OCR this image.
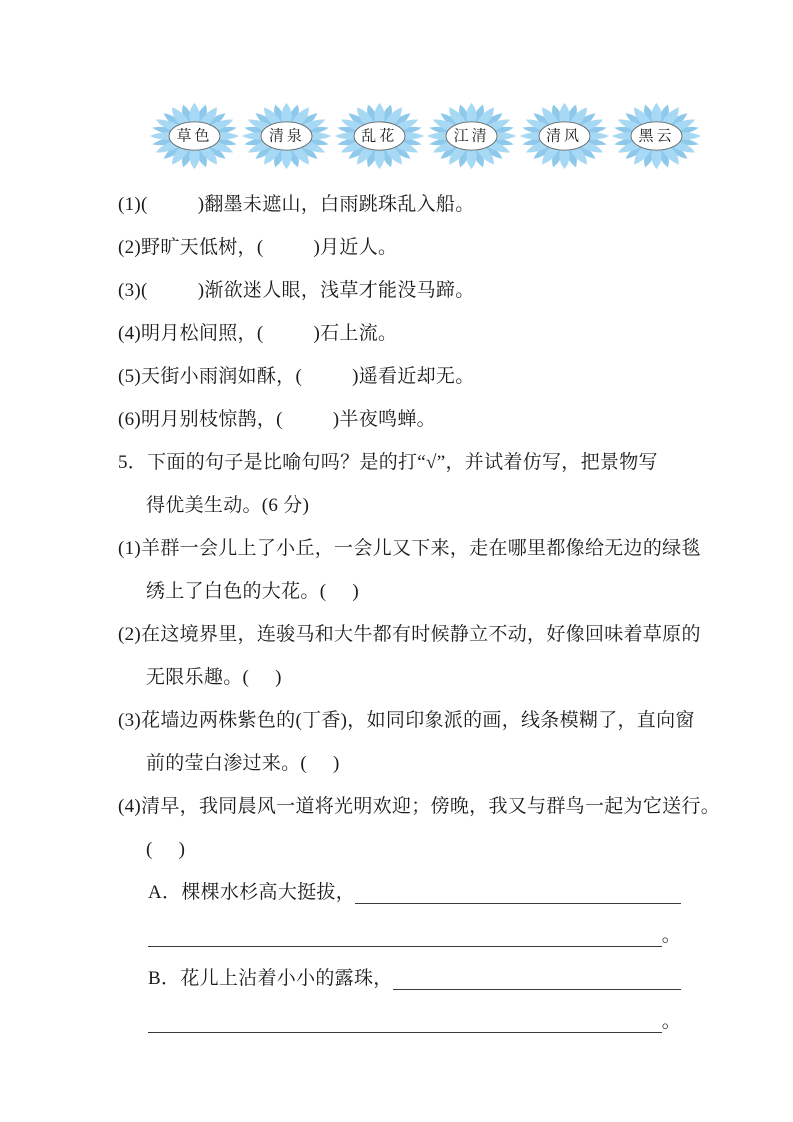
草色	清泉	乱花	江清	清风	黑云
(1)(	)翻墨未遮山，白雨跳珠乱入船。
(2)野旷天低树，(	)月近人。
(3)(	)渐欲迷人眼，浅草才能没马蹄。
(4)明月松间照，(	)石上流。
(5)天街小雨润如酥，(	)遥看近却无。
(6)明月别枝惊鹊，(	)半夜鸣蝉。
5．下面的句子是比喻句吗？是的打“√”，并试着仿写，把景物写
得优美生动。(6 分)
(1)羊群一会儿上了小丘，一会儿又下来，走在哪里都像给无边的绿毯
绣上了白色的大花。( )
(2)在这境界里，连骏马和大牛都有时候静立不动，好像回味着草原的
无限乐趣。( )
(3)花墙边两株紫色的(丁香)，如同印象派的画，线条模糊了，直向窗
前的莹白渗过来。( )
(4)清早，我同晨风一道将光明欢迎；傍晚，我又与群鸟一起为它送行。
( )
A．棵棵水杉高大挺拔，
。
B．花儿上沾着小小的露珠，
。
